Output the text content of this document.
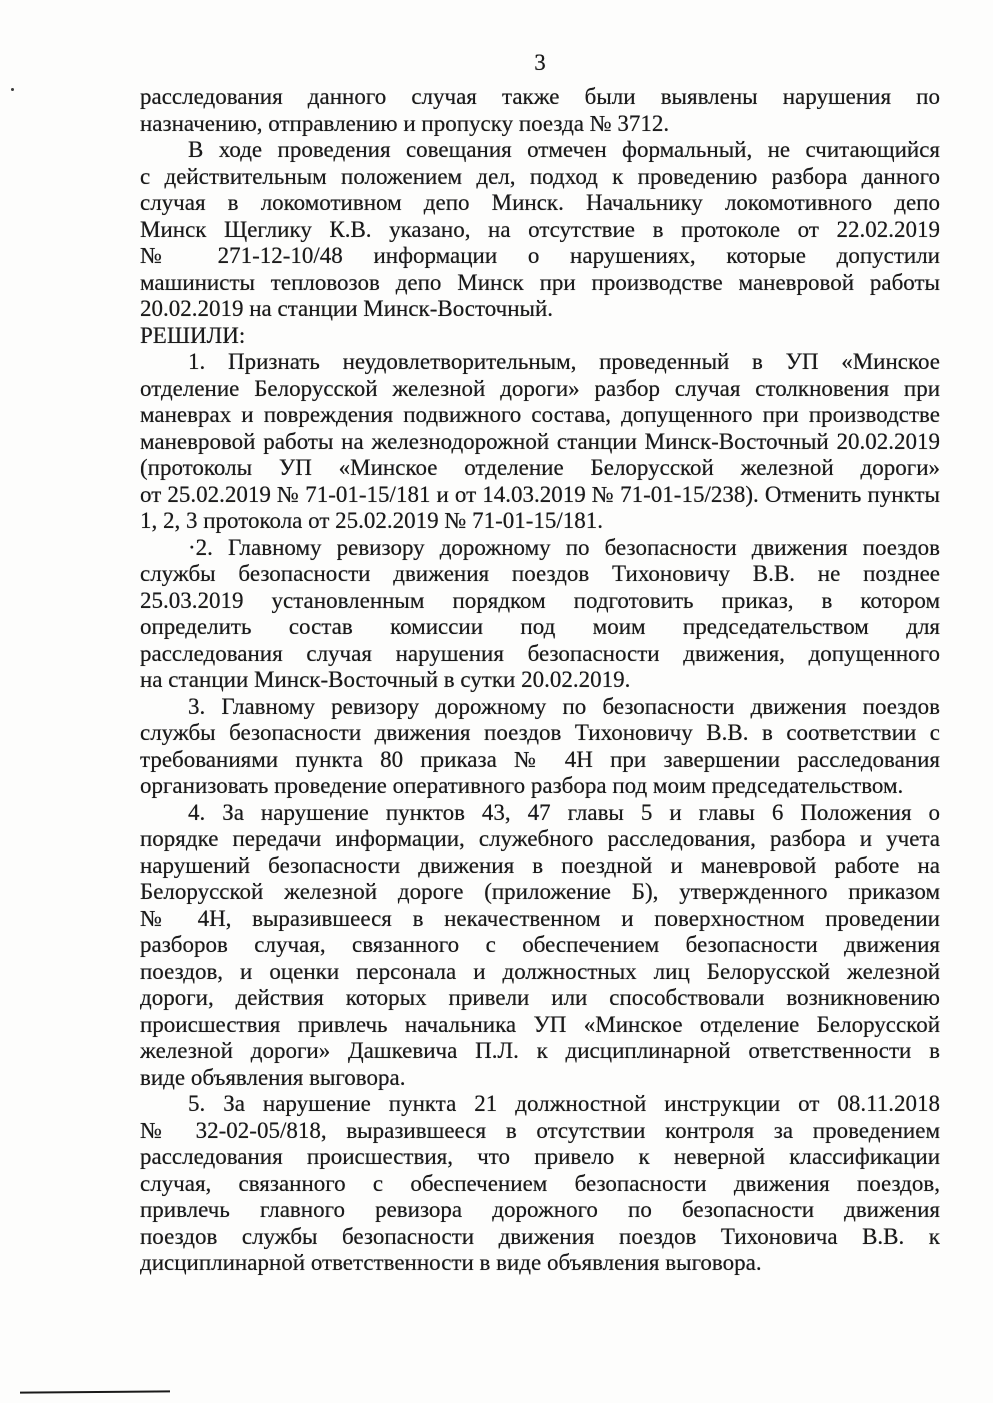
3
расследования данного случая также были выявлены нарушения по
назначению, отправлению и пропуску поезда № 3712.
В ходе проведения совещания отмечен формальный, не считающийся
с действительным положением дел, подход к проведению разбора данного
случая в локомотивном депо Минск. Начальнику локомотивного депо
Минск Щеглику К.В. указано, на отсутствие в протоколе от 22.02.2019
№ 271-12-10/48 информации о нарушениях, которые допустили
машинисты тепловозов депо Минск при производстве маневровой работы
20.02.2019 на станции Минск-Восточный.
РЕШИЛИ:
1. Признать неудовлетворительным, проведенный в УП «Минское
отделение Белорусской железной дороги» разбор случая столкновения при
маневрах и повреждения подвижного состава, допущенного при производстве
маневровой работы на железнодорожной станции Минск-Восточный 20.02.2019
(протоколы УП «Минское отделение Белорусской железной дороги»
от 25.02.2019 № 71-01-15/181 и от 14.03.2019 № 71-01-15/238). Отменить пункты
1, 2, 3 протокола от 25.02.2019 № 71-01-15/181.
·2. Главному ревизору дорожному по безопасности движения поездов
службы безопасности движения поездов Тихоновичу В.В. не позднее
25.03.2019 установленным порядком подготовить приказ, в котором
определить состав комиссии под моим председательством для
расследования случая нарушения безопасности движения, допущенного
на станции Минск-Восточный в сутки 20.02.2019.
3. Главному ревизору дорожному по безопасности движения поездов
службы безопасности движения поездов Тихоновичу В.В. в соответствии с
требованиями пункта 80 приказа № 4Н при завершении расследования
организовать проведение оперативного разбора под моим председательством.
4. За нарушение пунктов 43, 47 главы 5 и главы 6 Положения о
порядке передачи информации, служебного расследования, разбора и учета
нарушений безопасности движения в поездной и маневровой работе на
Белорусской железной дороге (приложение Б), утвержденного приказом
№ 4Н, выразившееся в некачественном и поверхностном проведении
разборов случая, связанного с обеспечением безопасности движения
поездов, и оценки персонала и должностных лиц Белорусской железной
дороги, действия которых привели или способствовали возникновению
происшествия привлечь начальника УП «Минское отделение Белорусской
железной дороги» Дашкевича П.Л. к дисциплинарной ответственности в
виде объявления выговора.
5. За нарушение пункта 21 должностной инструкции от 08.11.2018
№ 32-02-05/818, выразившееся в отсутствии контроля за проведением
расследования происшествия, что привело к неверной классификации
случая, связанного с обеспечением безопасности движения поездов,
привлечь главного ревизора дорожного по безопасности движения
поездов службы безопасности движения поездов Тихоновича В.В. к
дисциплинарной ответственности в виде объявления выговора.
